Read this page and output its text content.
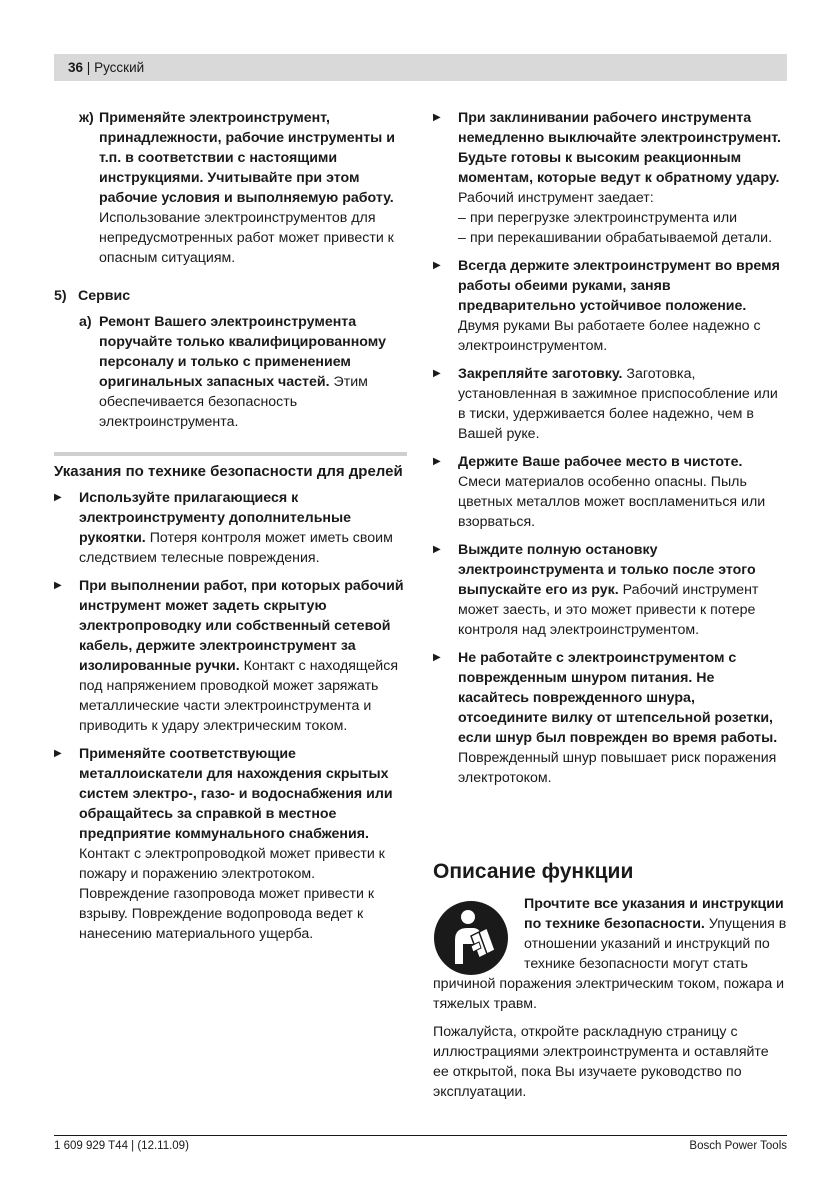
36 | Русский
ж) Применяйте электроинструмент, принадлежности, рабочие инструменты и т.п. в соответствии с настоящими инструкциями. Учитывайте при этом рабочие условия и выполняемую работу. Использование электроинструментов для непредусмотренных работ может привести к опасным ситуациям.
5) Сервис
а) Ремонт Вашего электроинструмента поручайте только квалифицированному персоналу и только с применением оригинальных запасных частей. Этим обеспечивается безопасность электроинструмента.
Указания по технике безопасности для дрелей
▶ Используйте прилагающиеся к электроинструменту дополнительные рукоятки. Потеря контроля может иметь своим следствием телесные повреждения.
▶ При выполнении работ, при которых рабочий инструмент может задеть скрытую электропроводку или собственный сетевой кабель, держите электроинструмент за изолированные ручки. Контакт с находящейся под напряжением проводкой может заряжать металлические части электроинструмента и приводить к удару электрическим током.
▶ Применяйте соответствующие металлоискатели для нахождения скрытых систем электро-, газо- и водоснабжения или обращайтесь за справкой в местное предприятие коммунального снабжения. Контакт с электропроводкой может привести к пожару и поражению электротоком. Повреждение газопровода может привести к взрыву. Повреждение водопровода ведет к нанесению материального ущерба.
▶ При заклинивании рабочего инструмента немедленно выключайте электроинструмент. Будьте готовы к высоким реакционным моментам, которые ведут к обратному удару. Рабочий инструмент заедает:
– при перегрузке электроинструмента или
– при перекашивании обрабатываемой детали.
▶ Всегда держите электроинструмент во время работы обеими руками, заняв предварительно устойчивое положение. Двумя руками Вы работаете более надежно с электроинструментом.
▶ Закрепляйте заготовку. Заготовка, установленная в зажимное приспособление или в тиски, удерживается более надежно, чем в Вашей руке.
▶ Держите Ваше рабочее место в чистоте. Смеси материалов особенно опасны. Пыль цветных металлов может воспламениться или взорваться.
▶ Выждите полную остановку электроинструмента и только после этого выпускайте его из рук. Рабочий инструмент может заесть, и это может привести к потере контроля над электроинструментом.
▶ Не работайте с электроинструментом с поврежденным шнуром питания. Не касайтесь поврежденного шнура, отсоедините вилку от штепсельной розетки, если шнур был поврежден во время работы. Поврежденный шнур повышает риск поражения электротоком.
Описание функции
Прочтите все указания и инструкции по технике безопасности. Упущения в отношении указаний и инструкций по технике безопасности могут стать

причиной поражения электрическим током, пожара и тяжелых травм.

Пожалуйста, откройте раскладную страницу с иллюстрациями электроинструмента и оставляйте ее открытой, пока Вы изучаете руководство по эксплуатации.

1 609 929 T44 | (12.11.09)	Bosch Power Tools
